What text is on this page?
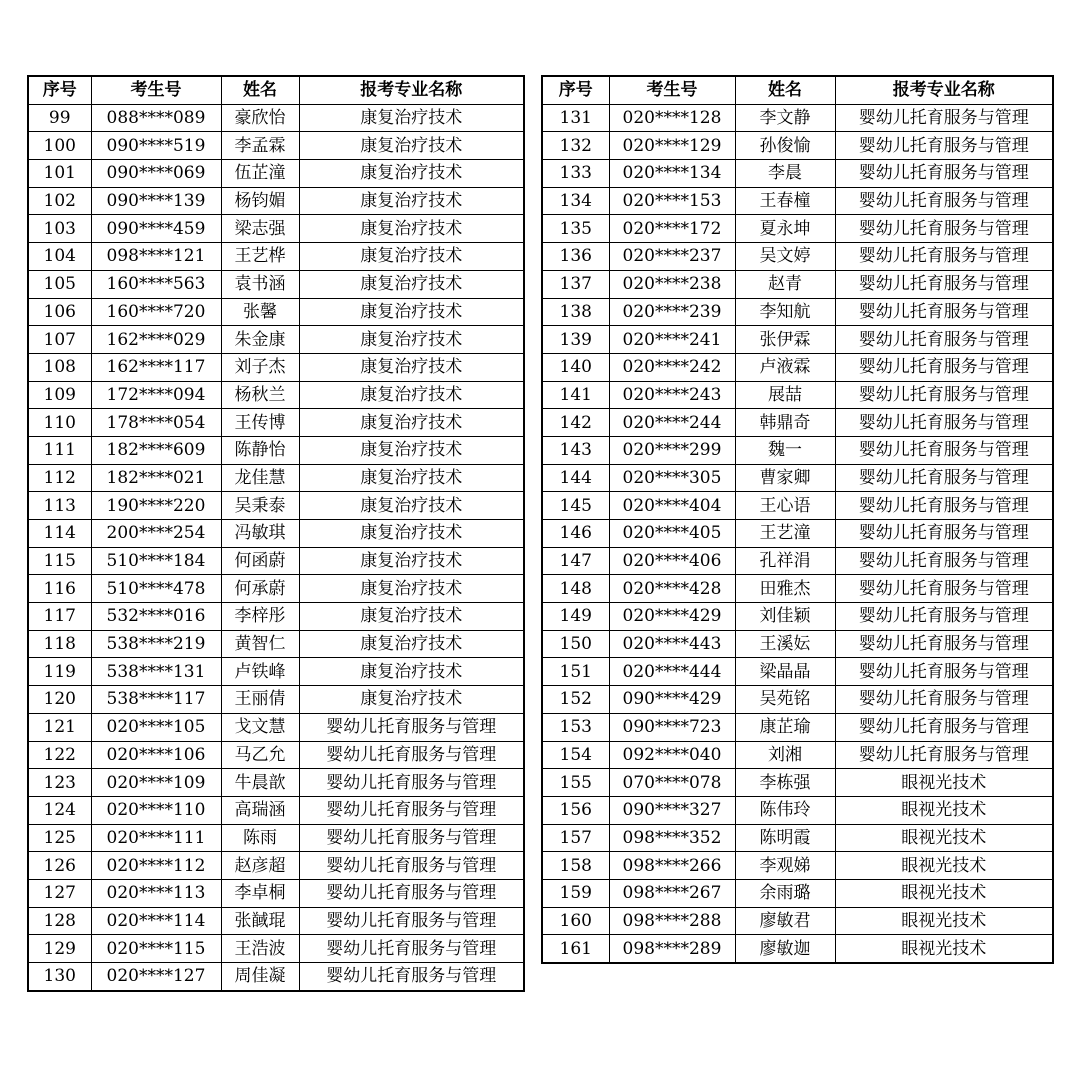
序号	考生号	姓名	报考专业名称
99	088****089	豪欣怡	康复治疗技术
100	090****519	李孟霖	康复治疗技术
101	090****069	伍芷潼	康复治疗技术
102	090****139	杨钧媚	康复治疗技术
103	090****459	梁志强	康复治疗技术
104	098****121	王艺桦	康复治疗技术
105	160****563	袁书涵	康复治疗技术
106	160****720	张馨	康复治疗技术
107	162****029	朱金康	康复治疗技术
108	162****117	刘子杰	康复治疗技术
109	172****094	杨秋兰	康复治疗技术
110	178****054	王传博	康复治疗技术
111	182****609	陈静怡	康复治疗技术
112	182****021	龙佳慧	康复治疗技术
113	190****220	吴秉泰	康复治疗技术
114	200****254	冯敏琪	康复治疗技术
115	510****184	何函蔚	康复治疗技术
116	510****478	何承蔚	康复治疗技术
117	532****016	李梓彤	康复治疗技术
118	538****219	黄智仁	康复治疗技术
119	538****131	卢铁峰	康复治疗技术
120	538****117	王丽倩	康复治疗技术
121	020****105	戈文慧	婴幼儿托育服务与管理
122	020****106	马乙允	婴幼儿托育服务与管理
123	020****109	牛晨歆	婴幼儿托育服务与管理
124	020****110	高瑞涵	婴幼儿托育服务与管理
125	020****111	陈雨	婴幼儿托育服务与管理
126	020****112	赵彦超	婴幼儿托育服务与管理
127	020****113	李卓桐	婴幼儿托育服务与管理
128	020****114	张馘琨	婴幼儿托育服务与管理
129	020****115	王浩波	婴幼儿托育服务与管理
130	020****127	周佳凝	婴幼儿托育服务与管理
序号	考生号	姓名	报考专业名称
131	020****128	李文静	婴幼儿托育服务与管理
132	020****129	孙俊愉	婴幼儿托育服务与管理
133	020****134	李晨	婴幼儿托育服务与管理
134	020****153	王春橦	婴幼儿托育服务与管理
135	020****172	夏永坤	婴幼儿托育服务与管理
136	020****237	吴文婷	婴幼儿托育服务与管理
137	020****238	赵青	婴幼儿托育服务与管理
138	020****239	李知航	婴幼儿托育服务与管理
139	020****241	张伊霖	婴幼儿托育服务与管理
140	020****242	卢液霖	婴幼儿托育服务与管理
141	020****243	展喆	婴幼儿托育服务与管理
142	020****244	韩鼎奇	婴幼儿托育服务与管理
143	020****299	魏一	婴幼儿托育服务与管理
144	020****305	曹家卿	婴幼儿托育服务与管理
145	020****404	王心语	婴幼儿托育服务与管理
146	020****405	王艺潼	婴幼儿托育服务与管理
147	020****406	孔祥涓	婴幼儿托育服务与管理
148	020****428	田雅杰	婴幼儿托育服务与管理
149	020****429	刘佳颖	婴幼儿托育服务与管理
150	020****443	王溪妘	婴幼儿托育服务与管理
151	020****444	梁晶晶	婴幼儿托育服务与管理
152	090****429	吴苑铭	婴幼儿托育服务与管理
153	090****723	康芷瑜	婴幼儿托育服务与管理
154	092****040	刘湘	婴幼儿托育服务与管理
155	070****078	李栋强	眼视光技术
156	090****327	陈伟玲	眼视光技术
157	098****352	陈明霞	眼视光技术
158	098****266	李观娣	眼视光技术
159	098****267	余雨璐	眼视光技术
160	098****288	廖敏君	眼视光技术
161	098****289	廖敏迦	眼视光技术
